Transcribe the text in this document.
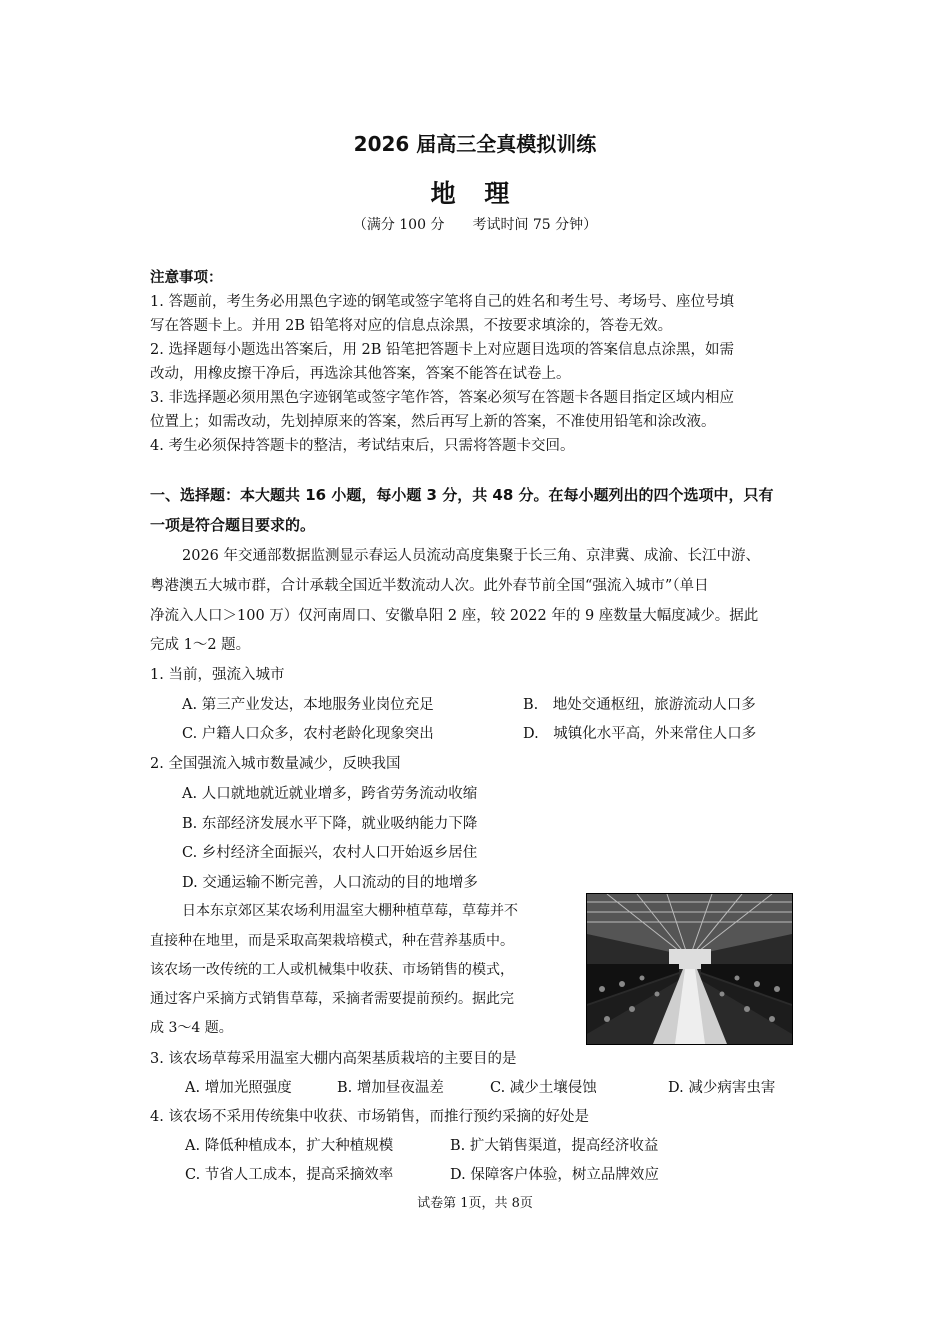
2026 届高三全真模拟训练
地 理
（满分 100 分　　考试时间 75 分钟）
注意事项：
1. 答题前，考生务必用黑色字迹的钢笔或签字笔将自己的姓名和考生号、考场号、座位号填
写在答题卡上。并用 2B 铅笔将对应的信息点涂黑，不按要求填涂的，答卷无效。
2. 选择题每小题选出答案后，用 2B 铅笔把答题卡上对应题目选项的答案信息点涂黑，如需
改动，用橡皮擦干净后，再选涂其他答案，答案不能答在试卷上。
3. 非选择题必须用黑色字迹钢笔或签字笔作答，答案必须写在答题卡各题目指定区域内相应
位置上；如需改动，先划掉原来的答案，然后再写上新的答案，不准使用铅笔和涂改液。
4. 考生必须保持答题卡的整洁，考试结束后，只需将答题卡交回。
一、选择题：本大题共 16 小题，每小题 3 分，共 48 分。在每小题列出的四个选项中，只有
一项是符合题目要求的。
2026 年交通部数据监测显示春运人员流动高度集聚于长三角、京津冀、成渝、长江中游、
粤港澳五大城市群，合计承载全国近半数流动人次。此外春节前全国“强流入城市”（单日
净流入人口＞100 万）仅河南周口、安徽阜阳 2 座，较 2022 年的 9 座数量大幅度减少。据此
完成 1～2 题。
1. 当前，强流入城市
A. 第三产业发达，本地服务业岗位充足	B.　地处交通枢纽，旅游流动人口多
C. 户籍人口众多，农村老龄化现象突出	D.　城镇化水平高，外来常住人口多
2. 全国强流入城市数量减少，反映我国
A. 人口就地就近就业增多，跨省劳务流动收缩
B. 东部经济发展水平下降，就业吸纳能力下降
C. 乡村经济全面振兴，农村人口开始返乡居住
D. 交通运输不断完善，人口流动的目的地增多
日本东京郊区某农场利用温室大棚种植草莓，草莓并不
直接种在地里，而是采取高架栽培模式，种在营养基质中。
该农场一改传统的工人或机械集中收获、市场销售的模式，
通过客户采摘方式销售草莓，采摘者需要提前预约。据此完
成 3～4 题。
3. 该农场草莓采用温室大棚内高架基质栽培的主要目的是
A. 增加光照强度	B. 增加昼夜温差	C. 减少土壤侵蚀	D. 减少病害虫害
4. 该农场不采用传统集中收获、市场销售，而推行预约采摘的好处是
A. 降低种植成本，扩大种植规模	B. 扩大销售渠道，提高经济收益
C. 节省人工成本，提高采摘效率	D. 保障客户体验，树立品牌效应
试卷第 1页，共 8页
